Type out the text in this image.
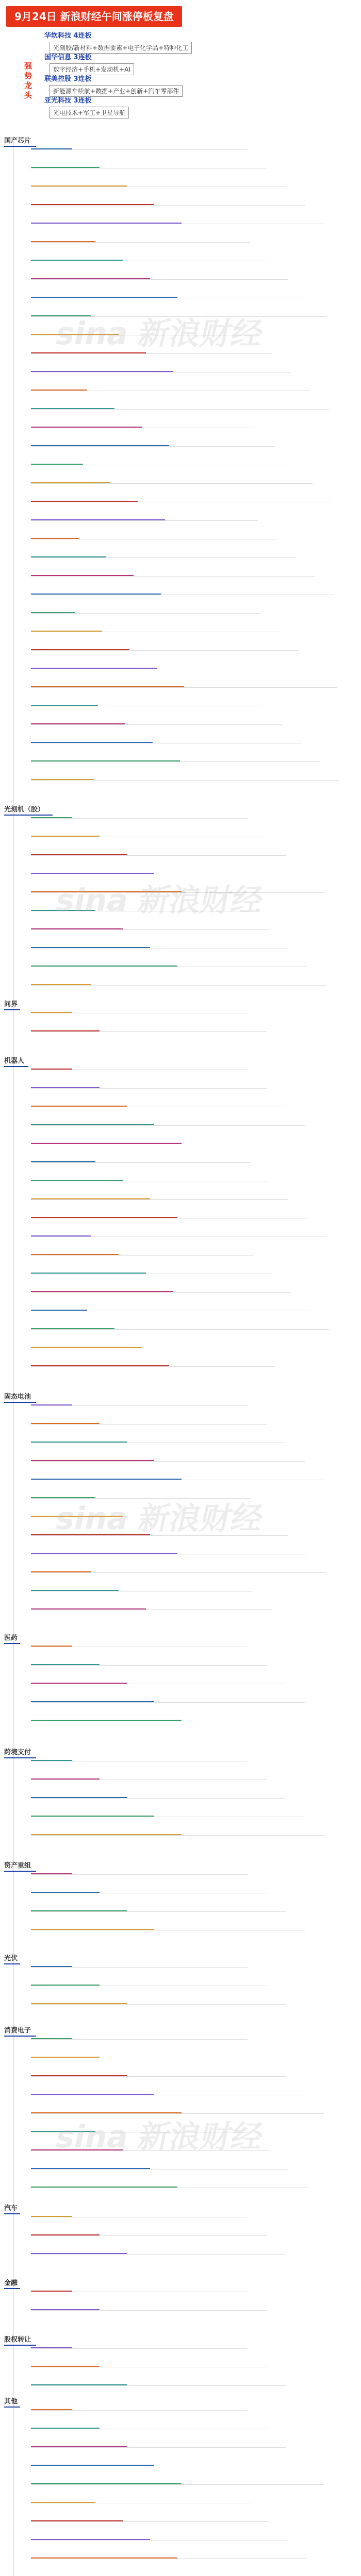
9月24日 新浪财经午间涨停板复盘
强势龙头
华软科技 4连板
光刻胶/新材料+数据要素+电子化学品+特种化工
国华信息 3连板
数字经济+手机+发动机+AI
联美控股 3连板
新能源车续航+数据+产业+创新+汽车零部件
亚光科技 3连板
光电技术+军工+卫星导航
国产芯片
光刻机（胶）
问界
机器人
固态电池
医药
跨境支付
资产重组
光伏
消费电子
汽车
金融
股权转让
其他
sina 新浪财经
sina 新浪财经
sina 新浪财经
sina 新浪财经
